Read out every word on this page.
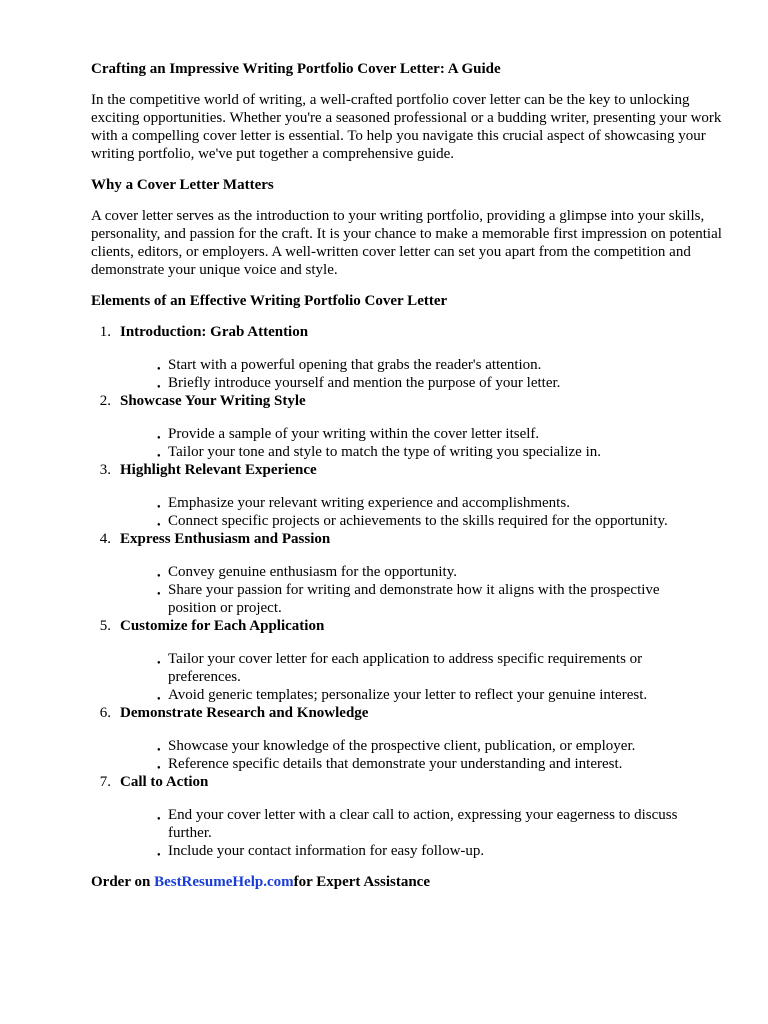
Crafting an Impressive Writing Portfolio Cover Letter: A Guide
In the competitive world of writing, a well-crafted portfolio cover letter can be the key to unlocking exciting opportunities. Whether you're a seasoned professional or a budding writer, presenting your work with a compelling cover letter is essential. To help you navigate this crucial aspect of showcasing your writing portfolio, we've put together a comprehensive guide.
Why a Cover Letter Matters
A cover letter serves as the introduction to your writing portfolio, providing a glimpse into your skills, personality, and passion for the craft. It is your chance to make a memorable first impression on potential clients, editors, or employers. A well-written cover letter can set you apart from the competition and demonstrate your unique voice and style.
Elements of an Effective Writing Portfolio Cover Letter
1. Introduction: Grab Attention
● Start with a powerful opening that grabs the reader's attention.
● Briefly introduce yourself and mention the purpose of your letter.
2. Showcase Your Writing Style
● Provide a sample of your writing within the cover letter itself.
● Tailor your tone and style to match the type of writing you specialize in.
3. Highlight Relevant Experience
● Emphasize your relevant writing experience and accomplishments.
● Connect specific projects or achievements to the skills required for the opportunity.
4. Express Enthusiasm and Passion
● Convey genuine enthusiasm for the opportunity.
● Share your passion for writing and demonstrate how it aligns with the prospective position or project.
5. Customize for Each Application
● Tailor your cover letter for each application to address specific requirements or preferences.
● Avoid generic templates; personalize your letter to reflect your genuine interest.
6. Demonstrate Research and Knowledge
● Showcase your knowledge of the prospective client, publication, or employer.
● Reference specific details that demonstrate your understanding and interest.
7. Call to Action
● End your cover letter with a clear call to action, expressing your eagerness to discuss further.
● Include your contact information for easy follow-up.
Order on BestResumeHelp.comfor Expert Assistance
